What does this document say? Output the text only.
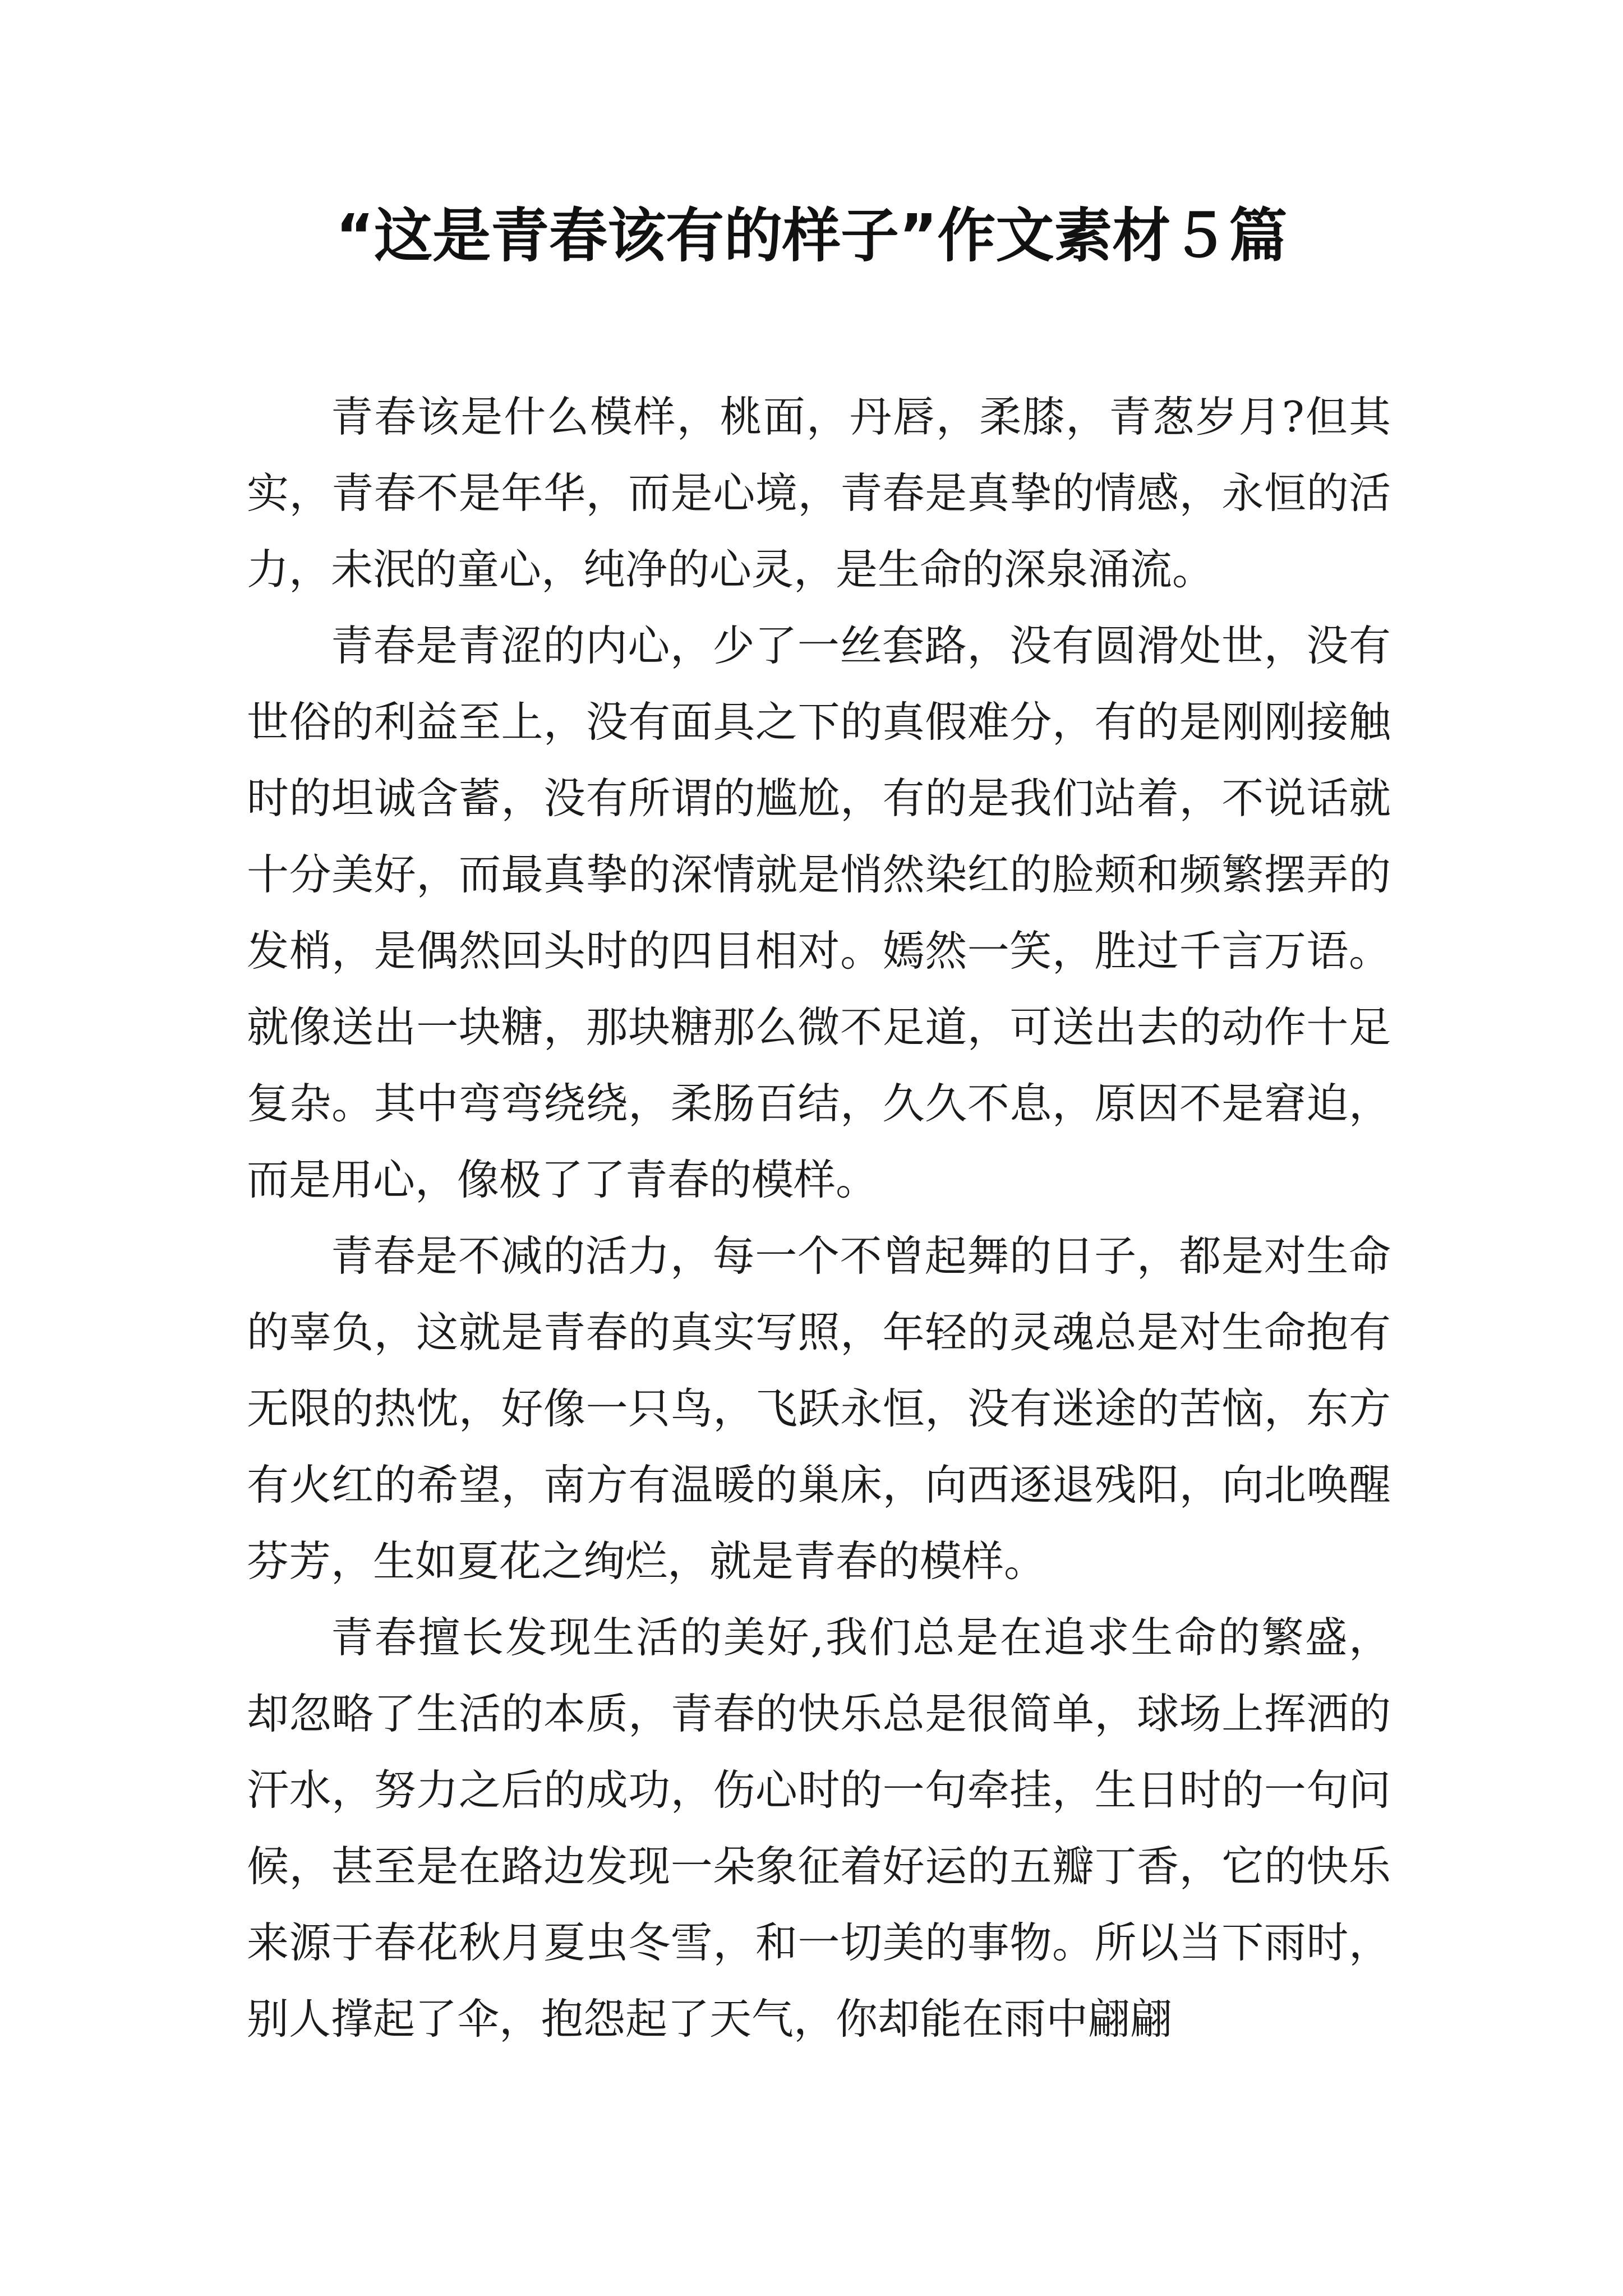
“这是青春该有的样子”作文素材５篇

青春该是什么模样，桃面，丹唇，柔膝，青葱岁月?但其实，青春不是年华，而是心境，青春是真挚的情感，永恒的活力，未泯的童心，纯净的心灵，是生命的深泉涌流。

青春是青涩的内心，少了一丝套路，没有圆滑处世，没有世俗的利益至上，没有面具之下的真假难分，有的是刚刚接触时的坦诚含蓄，没有所谓的尴尬，有的是我们站着，不说话就十分美好，而最真挚的深情就是悄然染红的脸颊和频繁摆弄的发梢，是偶然回头时的四目相对。嫣然一笑，胜过千言万语。就像送出一块糖，那块糖那么微不足道，可送出去的动作十足复杂。其中弯弯绕绕，柔肠百结，久久不息，原因不是窘迫，而是用心，像极了了青春的模样。

青春是不减的活力，每一个不曾起舞的日子，都是对生命的辜负，这就是青春的真实写照，年轻的灵魂总是对生命抱有无限的热忱，好像一只鸟，飞跃永恒，没有迷途的苦恼，东方有火红的希望，南方有温暖的巢床，向西逐退残阳，向北唤醒芬芳，生如夏花之绚烂，就是青春的模样。

青春擅长发现生活的美好,我们总是在追求生命的繁盛，却忽略了生活的本质，青春的快乐总是很简单，球场上挥洒的汗水，努力之后的成功，伤心时的一句牵挂，生日时的一句问候，甚至是在路边发现一朵象征着好运的五瓣丁香，它的快乐来源于春花秋月夏虫冬雪，和一切美的事物。所以当下雨时，别人撑起了伞，抱怨起了天气，你却能在雨中翩翩
